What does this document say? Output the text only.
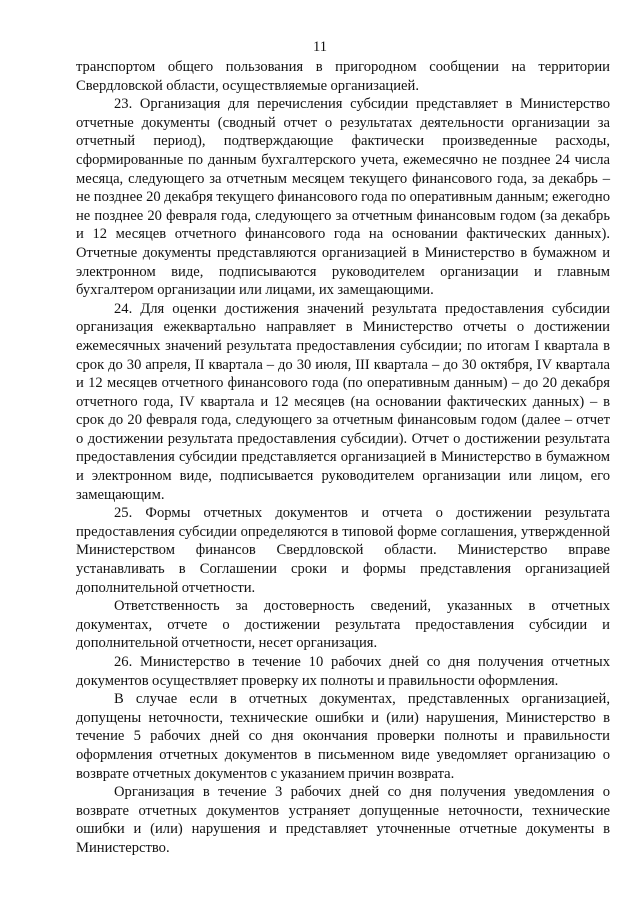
11

транспортом общего пользования в пригородном сообщении на территории Свердловской области, осуществляемые организацией.

23. Организация для перечисления субсидии представляет в Министерство отчетные документы (сводный отчет о результатах деятельности организации за отчетный период), подтверждающие фактически произведенные расходы, сформированные по данным бухгалтерского учета, ежемесячно не позднее 24 числа месяца, следующего за отчетным месяцем текущего финансового года, за декабрь – не позднее 20 декабря текущего финансового года по оперативным данным; ежегодно не позднее 20 февраля года, следующего за отчетным финансовым годом (за декабрь и 12 месяцев отчетного финансового года на основании фактических данных). Отчетные документы представляются организацией в Министерство в бумажном и электронном виде, подписываются руководителем организации и главным бухгалтером организации или лицами, их замещающими.

24. Для оценки достижения значений результата предоставления субсидии организация ежеквартально направляет в Министерство отчеты о достижении ежемесячных значений результата предоставления субсидии; по итогам I квартала в срок до 30 апреля, II квартала – до 30 июля, III квартала – до 30 октября, IV квартала и 12 месяцев отчетного финансового года (по оперативным данным) – до 20 декабря отчетного года, IV квартала и 12 месяцев (на основании фактических данных) – в срок до 20 февраля года, следующего за отчетным финансовым годом (далее – отчет о достижении результата предоставления субсидии). Отчет о достижении результата предоставления субсидии представляется организацией в Министерство в бумажном и электронном виде, подписывается руководителем организации или лицом, его замещающим.

25. Формы отчетных документов и отчета о достижении результата предоставления субсидии определяются в типовой форме соглашения, утвержденной Министерством финансов Свердловской области. Министерство вправе устанавливать в Соглашении сроки и формы представления организацией дополнительной отчетности.

Ответственность за достоверность сведений, указанных в отчетных документах, отчете о достижении результата предоставления субсидии и дополнительной отчетности, несет организация.

26. Министерство в течение 10 рабочих дней со дня получения отчетных документов осуществляет проверку их полноты и правильности оформления.

В случае если в отчетных документах, представленных организацией, допущены неточности, технические ошибки и (или) нарушения, Министерство в течение 5 рабочих дней со дня окончания проверки полноты и правильности оформления отчетных документов в письменном виде уведомляет организацию о возврате отчетных документов с указанием причин возврата.

Организация в течение 3 рабочих дней со дня получения уведомления о возврате отчетных документов устраняет допущенные неточности, технические ошибки и (или) нарушения и представляет уточненные отчетные документы в Министерство.
